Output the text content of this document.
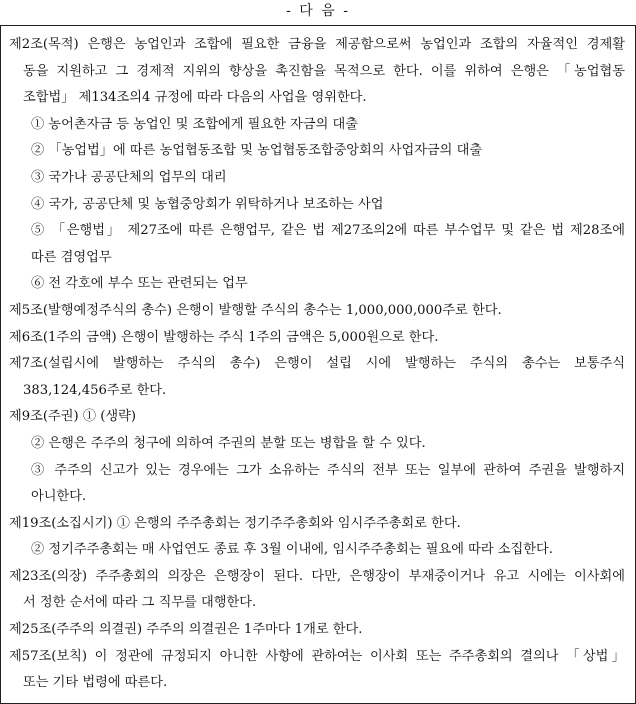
- 다 음 -
제2조(목적) 은행은 농업인과 조합에 필요한 금융을 제공함으로써 농업인과 조합의 자율적인 경제활
동을 지원하고 그 경제적 지위의 향상을 촉진함을 목적으로 한다. 이를 위하여 은행은 「농업협동
조합법」 제134조의4 규정에 따라 다음의 사업을 영위한다.
① 농어촌자금 등 농업인 및 조합에게 필요한 자금의 대출
② 「농업법」에 따른 농업협동조합 및 농업협동조합중앙회의 사업자금의 대출
③ 국가나 공공단체의 업무의 대리
④ 국가, 공공단체 및 농협중앙회가 위탁하거나 보조하는 사업
⑤ 「은행법」 제27조에 따른 은행업무, 같은 법 제27조의2에 따른 부수업무 및 같은 법 제28조에
따른 겸영업무
⑥ 전 각호에 부수 또는 관련되는 업무
제5조(발행예정주식의 총수) 은행이 발행할 주식의 총수는 1,000,000,000주로 한다.
제6조(1주의 금액) 은행이 발행하는 주식 1주의 금액은 5,000원으로 한다.
제7조(설립시에 발행하는 주식의 총수) 은행이 설립 시에 발행하는 주식의 총수는 보통주식
383,124,456주로 한다.
제9조(주권) ① (생략)
② 은행은 주주의 청구에 의하여 주권의 분할 또는 병합을 할 수 있다.
③ 주주의 신고가 있는 경우에는 그가 소유하는 주식의 전부 또는 일부에 관하여 주권을 발행하지
아니한다.
제19조(소집시기) ① 은행의 주주총회는 정기주주총회와 임시주주총회로 한다.
② 정기주주총회는 매 사업연도 종료 후 3월 이내에, 임시주주총회는 필요에 따라 소집한다.
제23조(의장) 주주총회의 의장은 은행장이 된다. 다만, 은행장이 부재중이거나 유고 시에는 이사회에
서 정한 순서에 따라 그 직무를 대행한다.
제25조(주주의 의결권) 주주의 의결권은 1주마다 1개로 한다.
제57조(보칙) 이 정관에 규정되지 아니한 사항에 관하여는 이사회 또는 주주총회의 결의나 「상법」
또는 기타 법령에 따른다.
